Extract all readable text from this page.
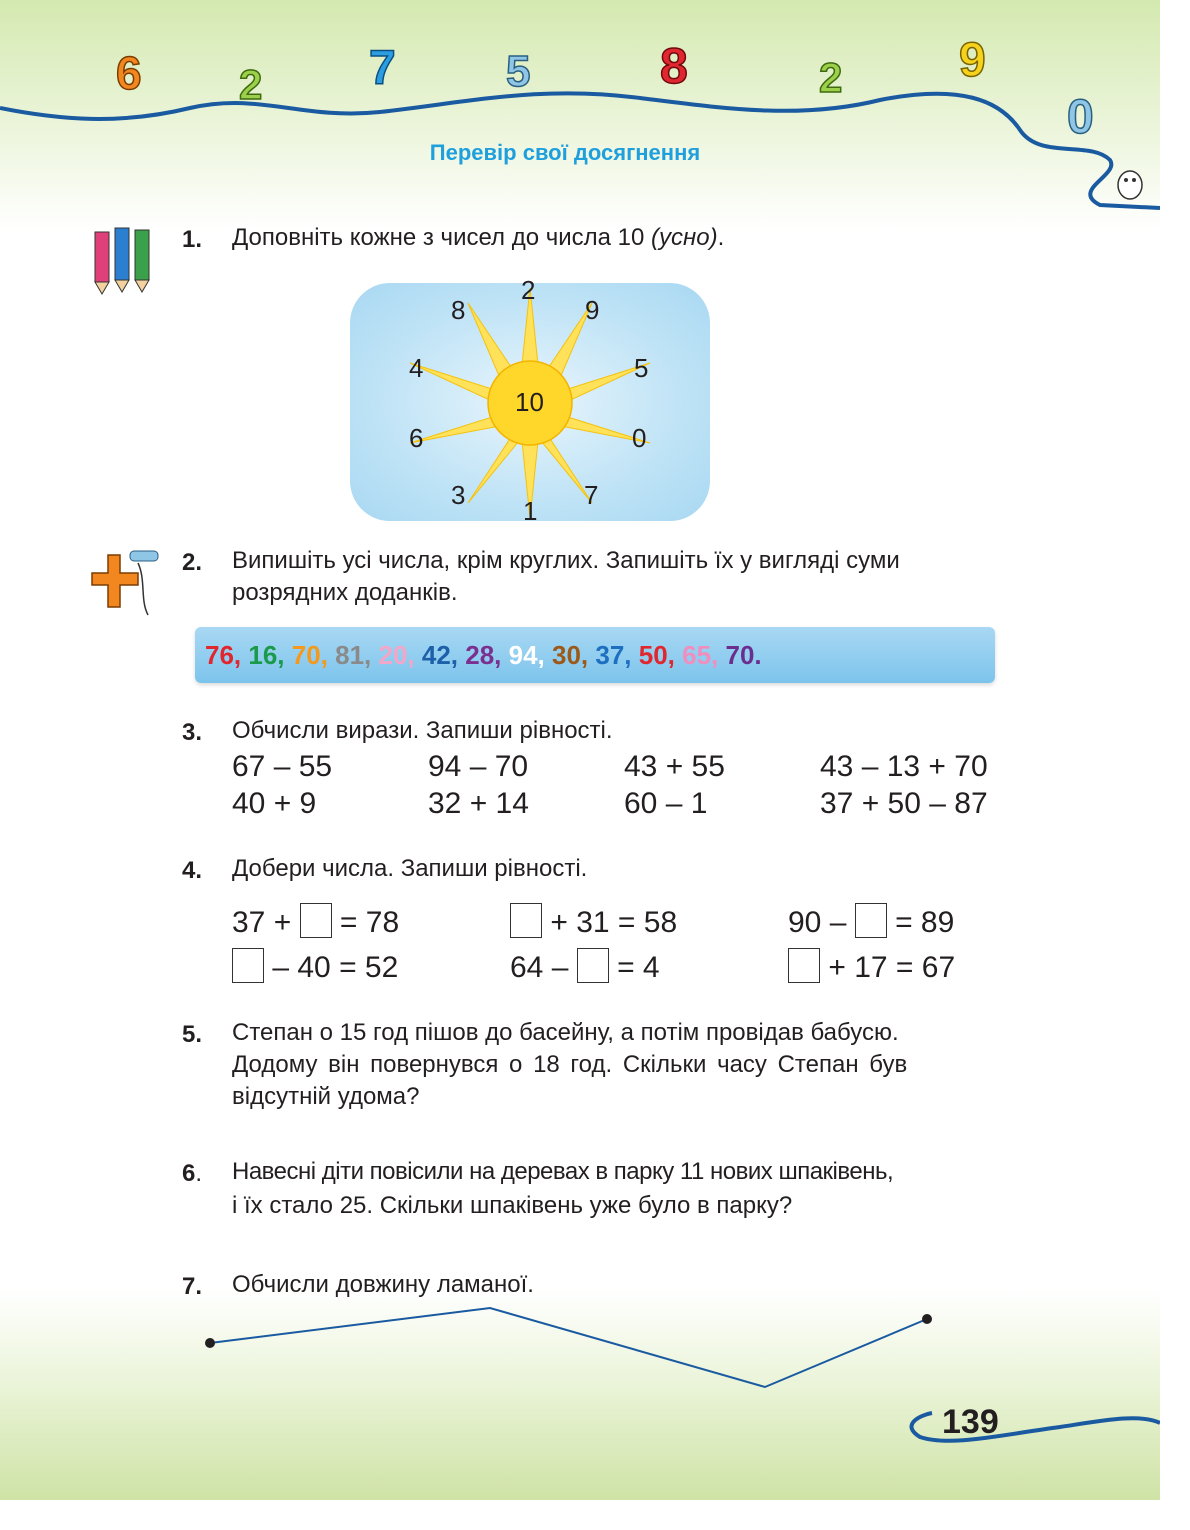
6 2 7	5	8	2 9
0
Перевір свої досягнення
1. Доповніть кожне з чисел до числа 10 (усно).
10
2
9
5
0
7
1
3
6
4
8
2. Випишіть усі числа, крім круглих. Запишіть їх у вигляді суми
розрядних доданків.
76, 16, 70, 81, 20, 42, 28, 94, 30, 37, 50, 65, 70.
3. Обчисли вирази. Запиши рівності.
67 – 55	94 – 70	43 + 55	43 – 13 + 70
40 + 9	32 + 14	60 – 1	37 + 50 – 87
4. Добери числа. Запиши рівності.
37 + = 78	+ 31 = 58	90 – = 89
– 40 = 52	64 – = 4	+ 17 = 67
5. Степан о 15 год пішов до басейну, а потім провідав бабусю.
Додому він повернувся о 18 год. Скільки часу Степан був
відсутній удома?
6. Навесні діти повісили на деревах в парку 11 нових шпаківень,
і їх стало 25. Скільки шпаківень уже було в парку?
7. Обчисли довжину ламаної.
139
